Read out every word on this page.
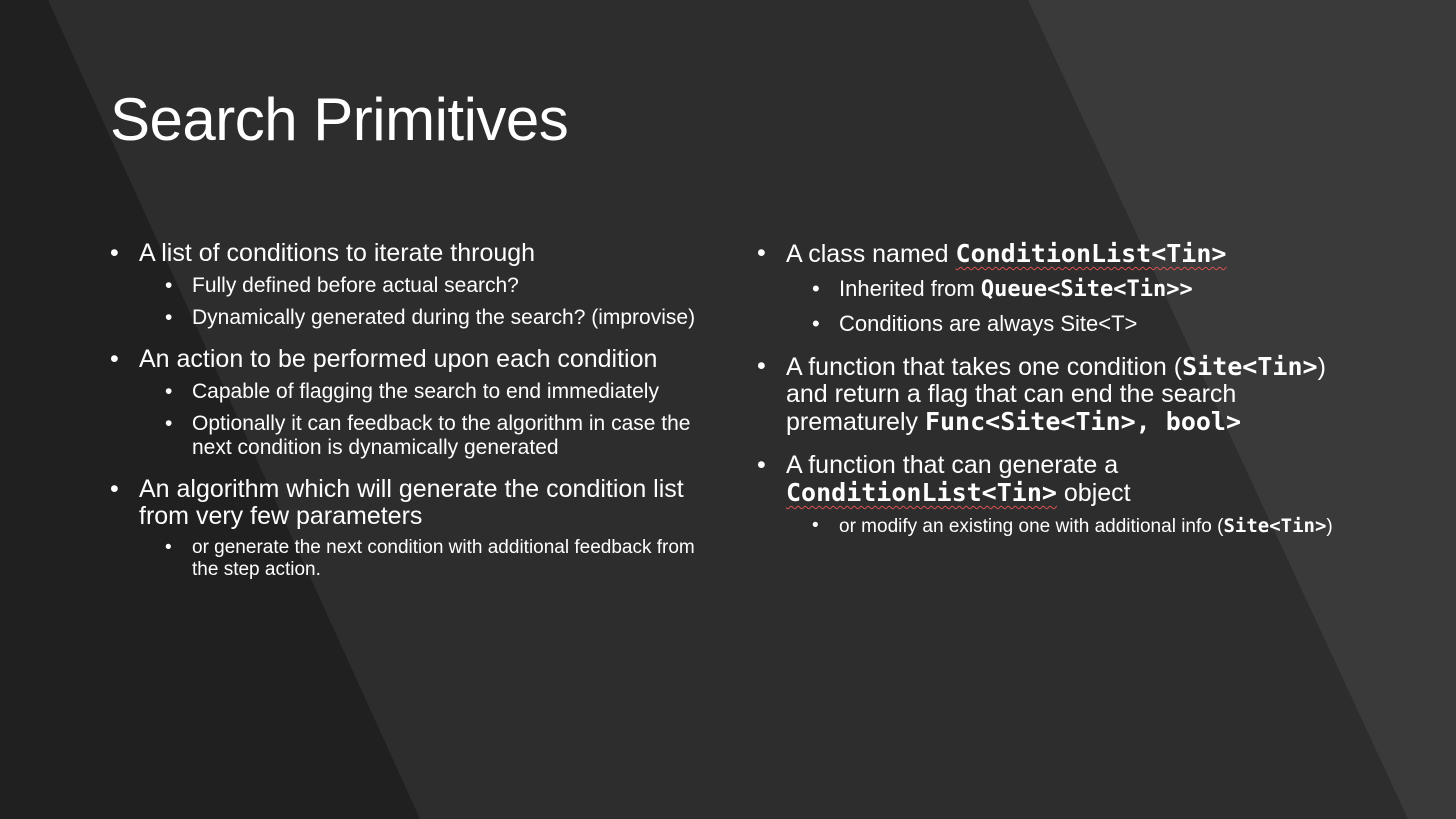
Search Primitives

• A list of conditions to iterate through

• Fully defined before actual search?

• Dynamically generated during the search? (improvise)

• An action to be performed upon each condition

• Capable of flagging the search to end immediately

• Optionally it can feedback to the algorithm in case the next condition is dynamically generated

• An algorithm which will generate the condition list from very few parameters

• or generate the next condition with additional feedback from the step action.

• A class named ConditionList<Tin>

• Inherited from Queue<Site<Tin>>

• Conditions are always Site<T>

• A function that takes one condition (Site<Tin>) and return a flag that can end the search prematurely Func<Site<Tin>, bool>

• A function that can generate a ConditionList<Tin> object

• or modify an existing one with additional info (Site<Tin>)
